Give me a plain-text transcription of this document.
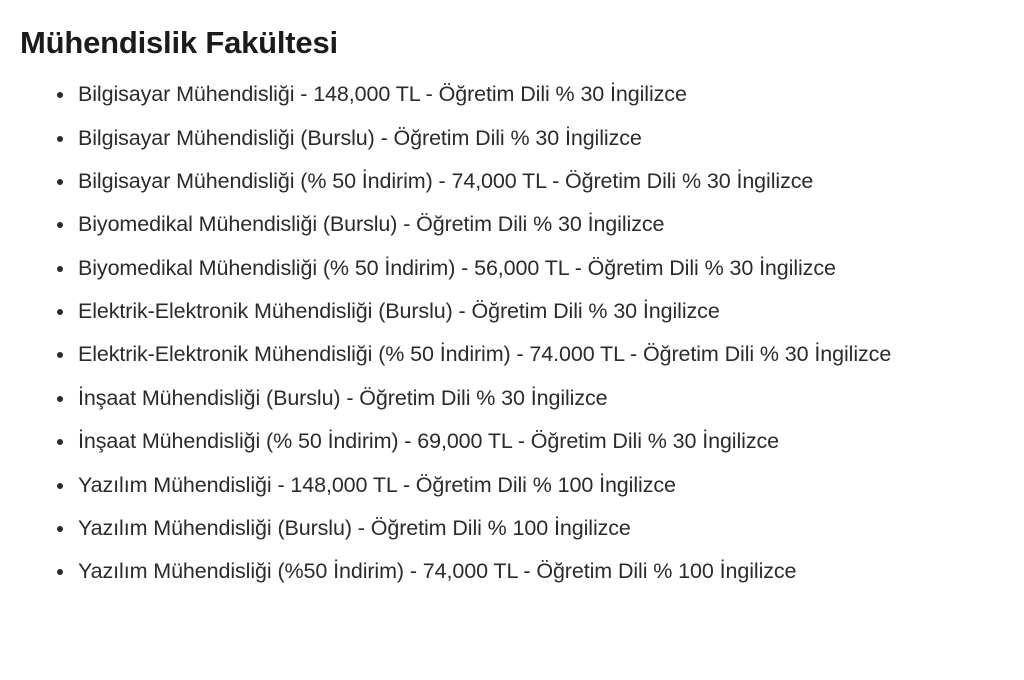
Mühendislik Fakültesi
Bilgisayar Mühendisliği - 148,000 TL - Öğretim Dili % 30 İngilizce
Bilgisayar Mühendisliği (Burslu) - Öğretim Dili % 30 İngilizce
Bilgisayar Mühendisliği (% 50 İndirim) - 74,000 TL - Öğretim Dili % 30 İngilizce
Biyomedikal Mühendisliği (Burslu) - Öğretim Dili % 30 İngilizce
Biyomedikal Mühendisliği (% 50 İndirim) - 56,000 TL - Öğretim Dili % 30 İngilizce
Elektrik-Elektronik Mühendisliği (Burslu) - Öğretim Dili % 30 İngilizce
Elektrik-Elektronik Mühendisliği (% 50 İndirim) - 74.000 TL - Öğretim Dili % 30 İngilizce
İnşaat Mühendisliği (Burslu) - Öğretim Dili % 30 İngilizce
İnşaat Mühendisliği (% 50 İndirim) - 69,000 TL - Öğretim Dili % 30 İngilizce
Yazılım Mühendisliği - 148,000 TL - Öğretim Dili % 100 İngilizce
Yazılım Mühendisliği (Burslu) - Öğretim Dili % 100 İngilizce
Yazılım Mühendisliği (%50 İndirim) - 74,000 TL - Öğretim Dili % 100 İngilizce
